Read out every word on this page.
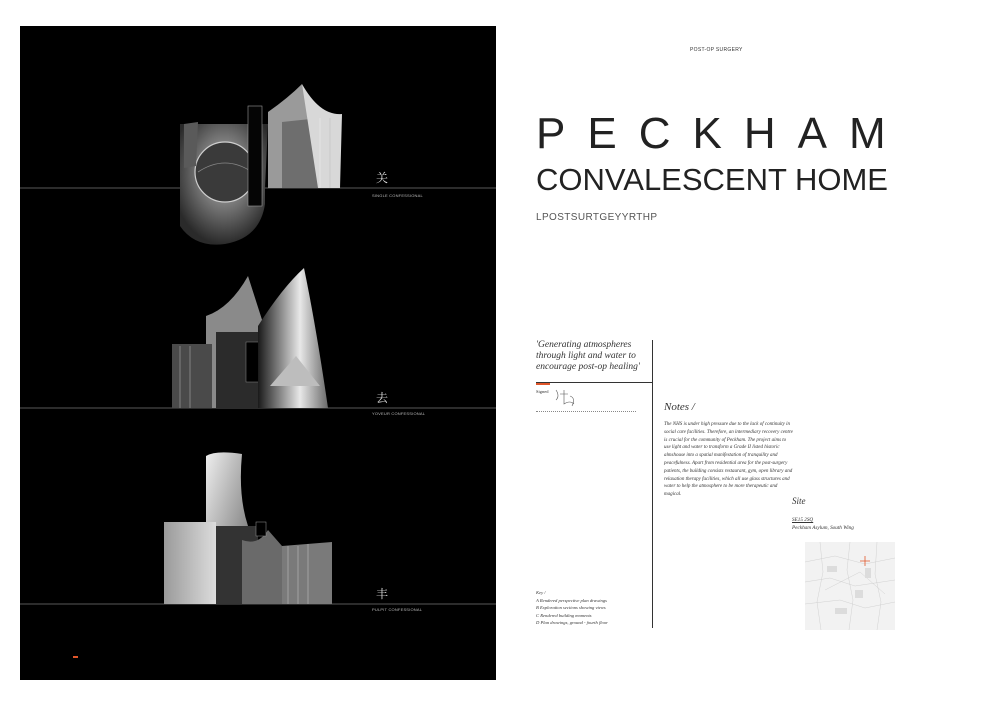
关
SINGLE CONFESSIONAL
去
YOVEUR CONFESSIONAL
丰
PULPIT CONFESSIONAL
POST-OP SURGERY
PECKHAM
CONVALESCENT HOME
LPOSTSURTGEYYRTHP
'Generating atmospheres through light and water to encourage post-op healing'
Signed
Notes /
The NHS is under high pressure due to the lack of continuity in social care facilities. Therefore, an intermediary recovery centre is crucial for the community of Peckham. The project aims to use light and water to transform a Grade II listed historic almshouse into a spatial manifestation of tranquility and peacefulness. Apart from residential area for the post-surgery patients, the building consists restaurant, gym, open library and relaxation therapy facilities, which all use glass structures and water to help the atmosphere to be more therapeutic and magical.
Key /
A Rendered perspective plan drawings
B Exploration sections showing views
C Rendered building moments
D Plan drawings, ground - fourth floor
Site
SE15 2SQ
Peckham Asylum, South Wing
